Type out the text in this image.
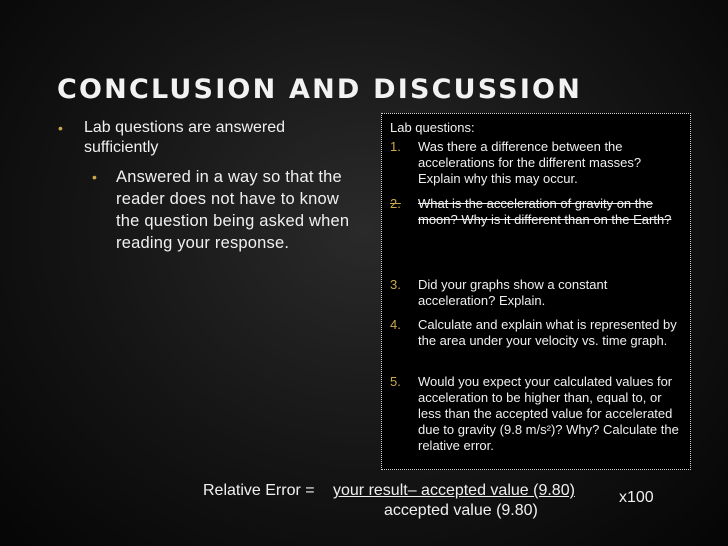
CONCLUSION AND DISCUSSION
• Lab questions are answered sufficiently
• Answered in a way so that the reader does not have to know the question being asked when reading your response.
Lab questions:
1.	Was there a difference between the accelerations for the different masses? Explain why this may occur.
2.	What is the acceleration of gravity on the moon? Why is it different than on the Earth?
3.	Did your graphs show a constant acceleration? Explain.
4.	Calculate and explain what is represented by the area under your velocity vs. time graph.
5.	Would you expect your calculated values for acceleration to be higher than, equal to, or less than the accepted value for accelerated due to gravity (9.8 m/s²)? Why? Calculate the relative error.
Relative Error = your result– accepted value (9.80)
accepted value (9.80)
x100
